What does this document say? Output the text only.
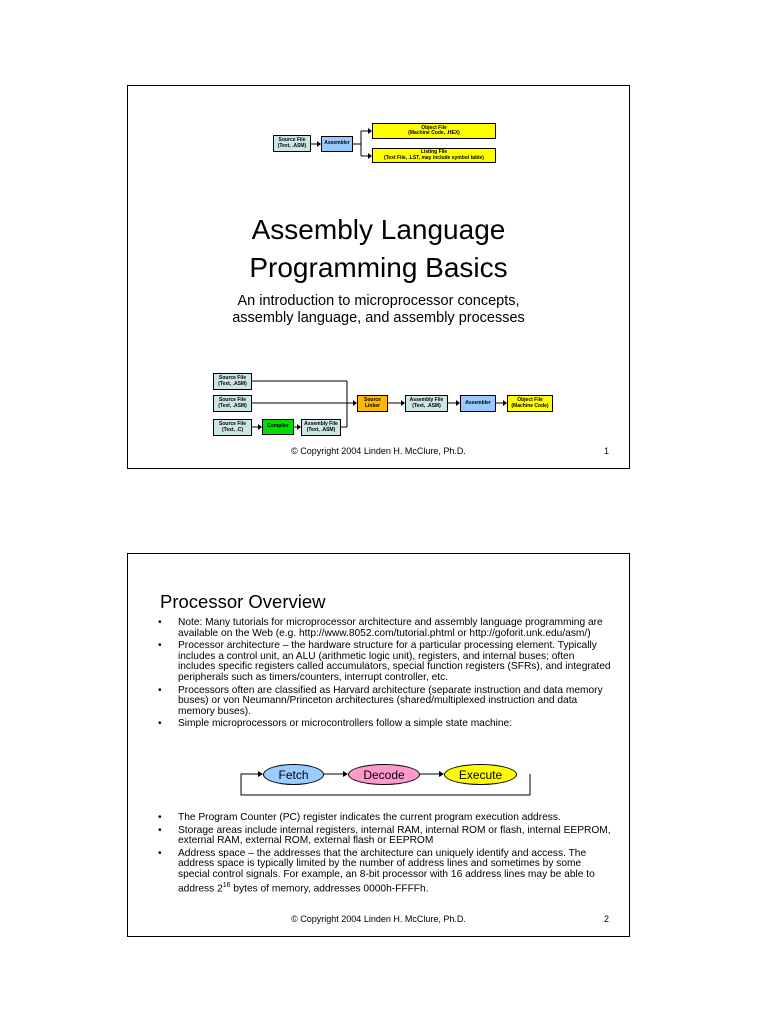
Source File
(Text, .ASM)	Assembler
Object File
(Machine Code, .HEX)
Listing File
(Text File, .LST, may include symbol table)
Assembly Language
Programming Basics
An introduction to microprocessor concepts,
assembly language, and assembly processes
Source File
(Text, .ASM)
Source File
(Text, .ASM)
Source File
(Text, .C)
Compiler	Assembly File
(Text, .ASM)
Source
Linker
Assembly File
(Text, .ASM)	Assembler	Object File
(Machine Code)
© Copyright 2004 Linden H. McClure, Ph.D.	1
Processor Overview
• Note: Many tutorials for microprocessor architecture and assembly language programming are available on the Web (e.g. http://www.8052.com/tutorial.phtml or http://goforit.unk.edu/asm/)
• Processor architecture – the hardware structure for a particular processing element. Typically includes a control unit, an ALU (arithmetic logic unit), registers, and internal buses; often includes specific registers called accumulators, special function registers (SFRs), and integrated peripherals such as timers/counters, interrupt controller, etc.
• Processors often are classified as Harvard architecture (separate instruction and data memory buses) or von Neumann/Princeton architectures (shared/multiplexed instruction and data memory buses).
• Simple microprocessors or microcontrollers follow a simple state machine:
Fetch	Decode	Execute
• The Program Counter (PC) register indicates the current program execution address.
• Storage areas include internal registers, internal RAM, internal ROM or flash, internal EEPROM, external RAM, external ROM, external flash or EEPROM
• Address space – the addresses that the architecture can uniquely identify and access. The address space is typically limited by the number of address lines and sometimes by some special control signals. For example, an 8-bit processor with 16 address lines may be able to address $2^{16}$ bytes of memory, addresses 0000h-FFFFh.
© Copyright 2004 Linden H. McClure, Ph.D.	2
